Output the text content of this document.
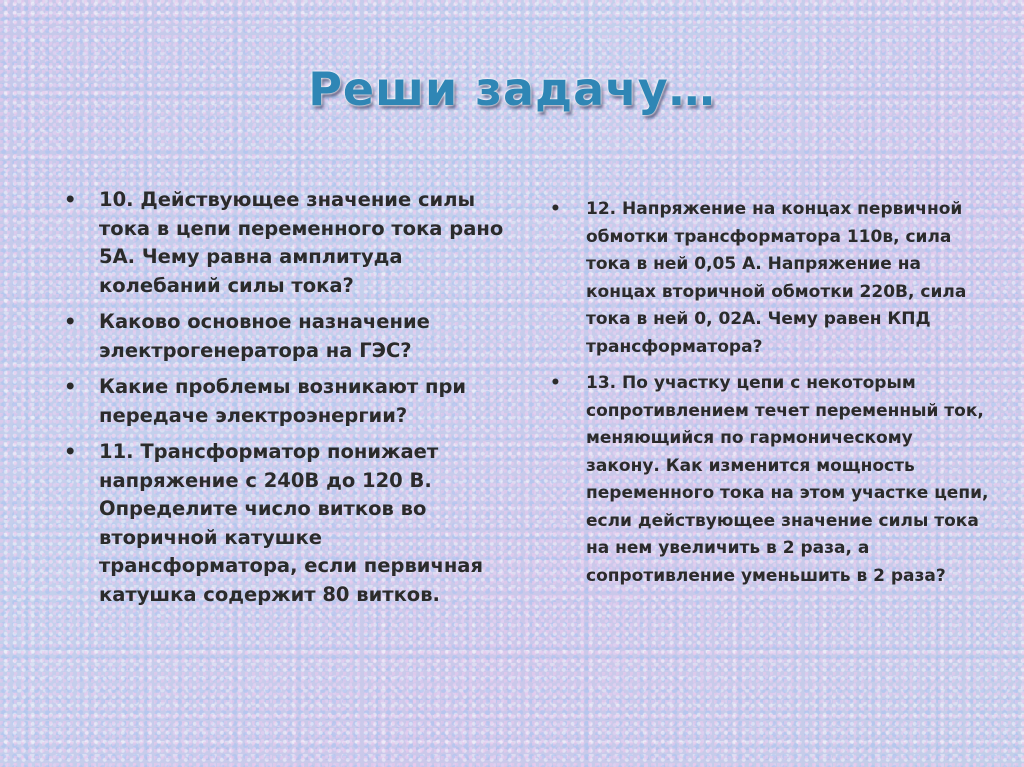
Реши задачу…
• 10. Действующее значение силы тока в цепи переменного тока рано 5А. Чему равна амплитуда колебаний силы тока?
• Каково основное назначение электрогенератора на ГЭС?
• Какие проблемы возникают при передаче электроэнергии?
• 11. Трансформатор понижает напряжение с 240В до 120 В. Определите число витков во вторичной катушке трансформатора, если первичная катушка содержит 80 витков.
• 12. Напряжение на концах первичной обмотки трансформатора 110в, сила тока в ней 0,05 А. Напряжение на концах вторичной обмотки 220В, сила тока в ней 0, 02А. Чему равен КПД трансформатора?
• 13. По участку цепи с некоторым сопротивлением течет переменный ток, меняющийся по гармоническому закону. Как изменится мощность переменного тока на этом участке цепи, если действующее значение силы тока на нем увеличить в 2 раза, а сопротивление уменьшить в 2 раза?
